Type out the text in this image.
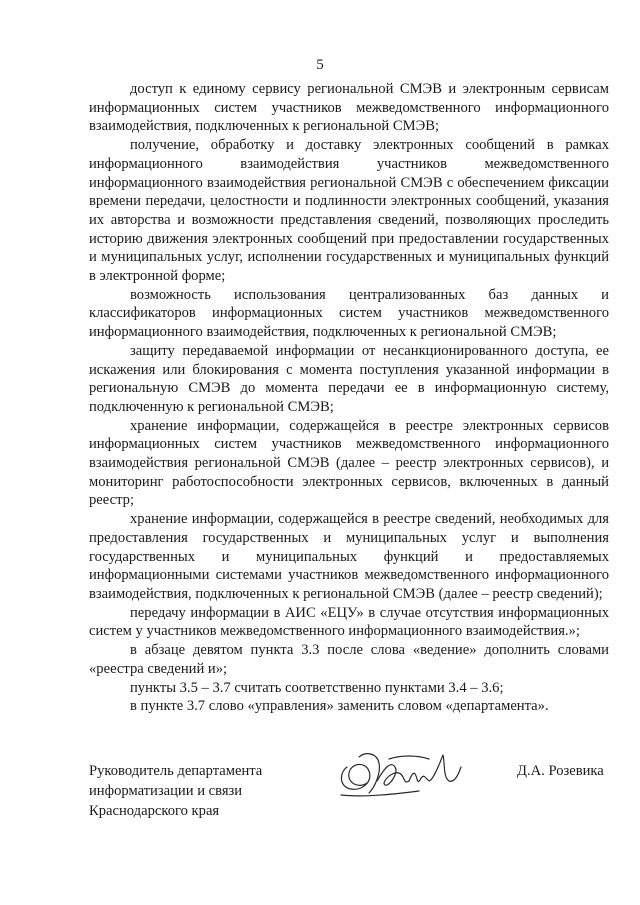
5

доступ к единому сервису региональной СМЭВ и электронным сервисам информационных систем участников межведомственного информационного взаимодействия, подключенных к региональной СМЭВ;

получение, обработку и доставку электронных сообщений в рамках информационного взаимодействия участников межведомственного информационного взаимодействия региональной СМЭВ с обеспечением фиксации времени передачи, целостности и подлинности электронных сообщений, указания их авторства и возможности представления сведений, позволяющих проследить историю движения электронных сообщений при предоставлении государственных и муниципальных услуг, исполнении государственных и муниципальных функций в электронной форме;

возможность использования централизованных баз данных и классификаторов информационных систем участников межведомственного информационного взаимодействия, подключенных к региональной СМЭВ;

защиту передаваемой информации от несанкционированного доступа, ее искажения или блокирования с момента поступления указанной информации в региональную СМЭВ до момента передачи ее в информационную систему, подключенную к региональной СМЭВ;

хранение информации, содержащейся в реестре электронных сервисов информационных систем участников межведомственного информационного взаимодействия региональной СМЭВ (далее – реестр электронных сервисов), и мониторинг работоспособности электронных сервисов, включенных в данный реестр;

хранение информации, содержащейся в реестре сведений, необходимых для предоставления государственных и муниципальных услуг и выполнения государственных и муниципальных функций и предоставляемых информационными системами участников межведомственного информационного взаимодействия, подключенных к региональной СМЭВ (далее – реестр сведений);

передачу информации в АИС «ЕЦУ» в случае отсутствия информационных систем у участников межведомственного информационного взаимодействия.»;

в абзаце девятом пункта 3.3 после слова «ведение» дополнить словами «реестра сведений и»;

пункты 3.5 – 3.7 считать соответственно пунктами 3.4 – 3.6;

в пункте 3.7 слово «управления» заменить словом «департамента».

Руководитель департамента
информатизации и связи
Краснодарского края
Д.А. Розевика
